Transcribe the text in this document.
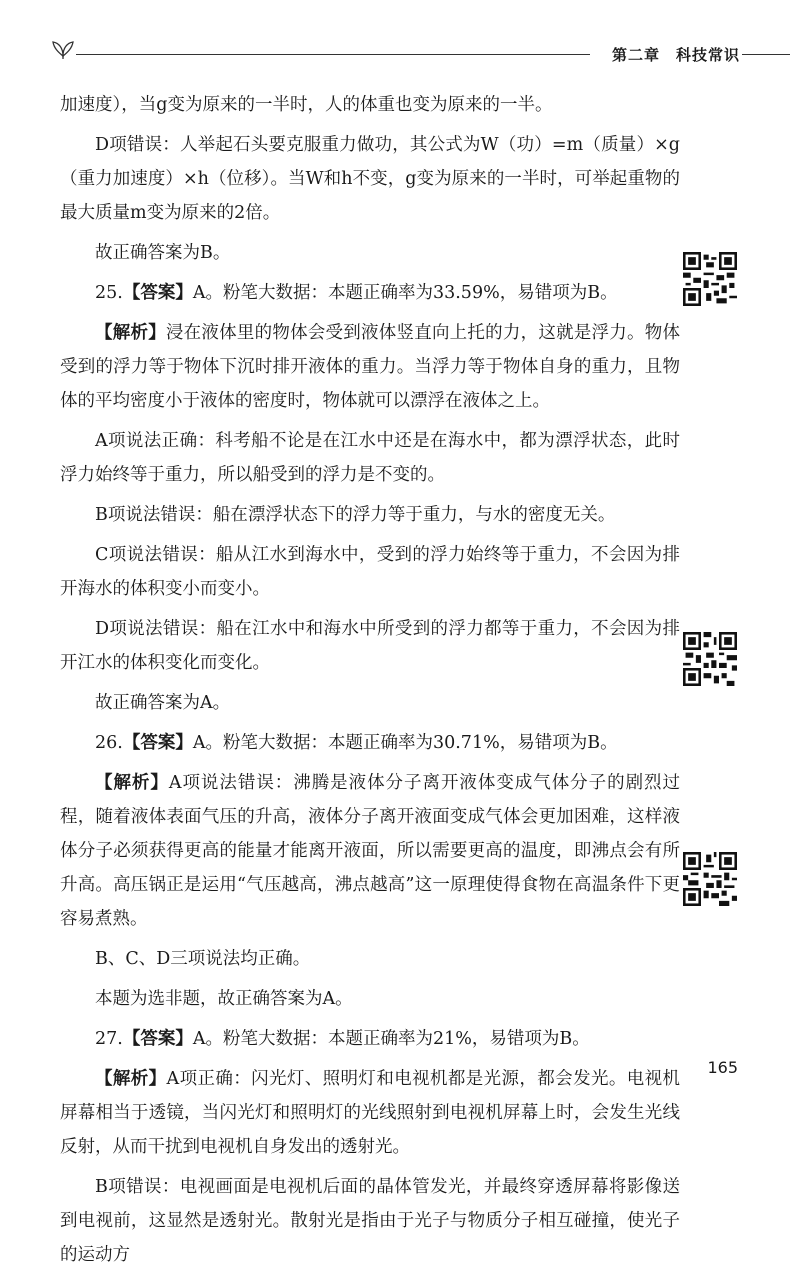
第二章　科技常识

加速度），当g变为原来的一半时，人的体重也变为原来的一半。

D项错误：人举起石头要克服重力做功，其公式为W（功）=m（质量）×g（重力加速度）×h（位移）。当W和h不变，g变为原来的一半时，可举起重物的最大质量m变为原来的2倍。

故正确答案为B。

25.【答案】A。粉笔大数据：本题正确率为33.59%，易错项为B。

【解析】浸在液体里的物体会受到液体竖直向上托的力，这就是浮力。物体受到的浮力等于物体下沉时排开液体的重力。当浮力等于物体自身的重力，且物体的平均密度小于液体的密度时，物体就可以漂浮在液体之上。

A项说法正确：科考船不论是在江水中还是在海水中，都为漂浮状态，此时浮力始终等于重力，所以船受到的浮力是不变的。

B项说法错误：船在漂浮状态下的浮力等于重力，与水的密度无关。

C项说法错误：船从江水到海水中，受到的浮力始终等于重力，不会因为排开海水的体积变小而变小。

D项说法错误：船在江水中和海水中所受到的浮力都等于重力，不会因为排开江水的体积变化而变化。

故正确答案为A。

26.【答案】A。粉笔大数据：本题正确率为30.71%，易错项为B。

【解析】A项说法错误：沸腾是液体分子离开液体变成气体分子的剧烈过程，随着液体表面气压的升高，液体分子离开液面变成气体会更加困难，这样液体分子必须获得更高的能量才能离开液面，所以需要更高的温度，即沸点会有所升高。高压锅正是运用“气压越高，沸点越高”这一原理使得食物在高温条件下更容易煮熟。

B、C、D三项说法均正确。

本题为选非题，故正确答案为A。

27.【答案】A。粉笔大数据：本题正确率为21%，易错项为B。

【解析】A项正确：闪光灯、照明灯和电视机都是光源，都会发光。电视机屏幕相当于透镜，当闪光灯和照明灯的光线照射到电视机屏幕上时，会发生光线反射，从而干扰到电视机自身发出的透射光。

B项错误：电视画面是电视机后面的晶体管发光，并最终穿透屏幕将影像送到电视前，这显然是透射光。散射光是指由于光子与物质分子相互碰撞，使光子的运动方

165
